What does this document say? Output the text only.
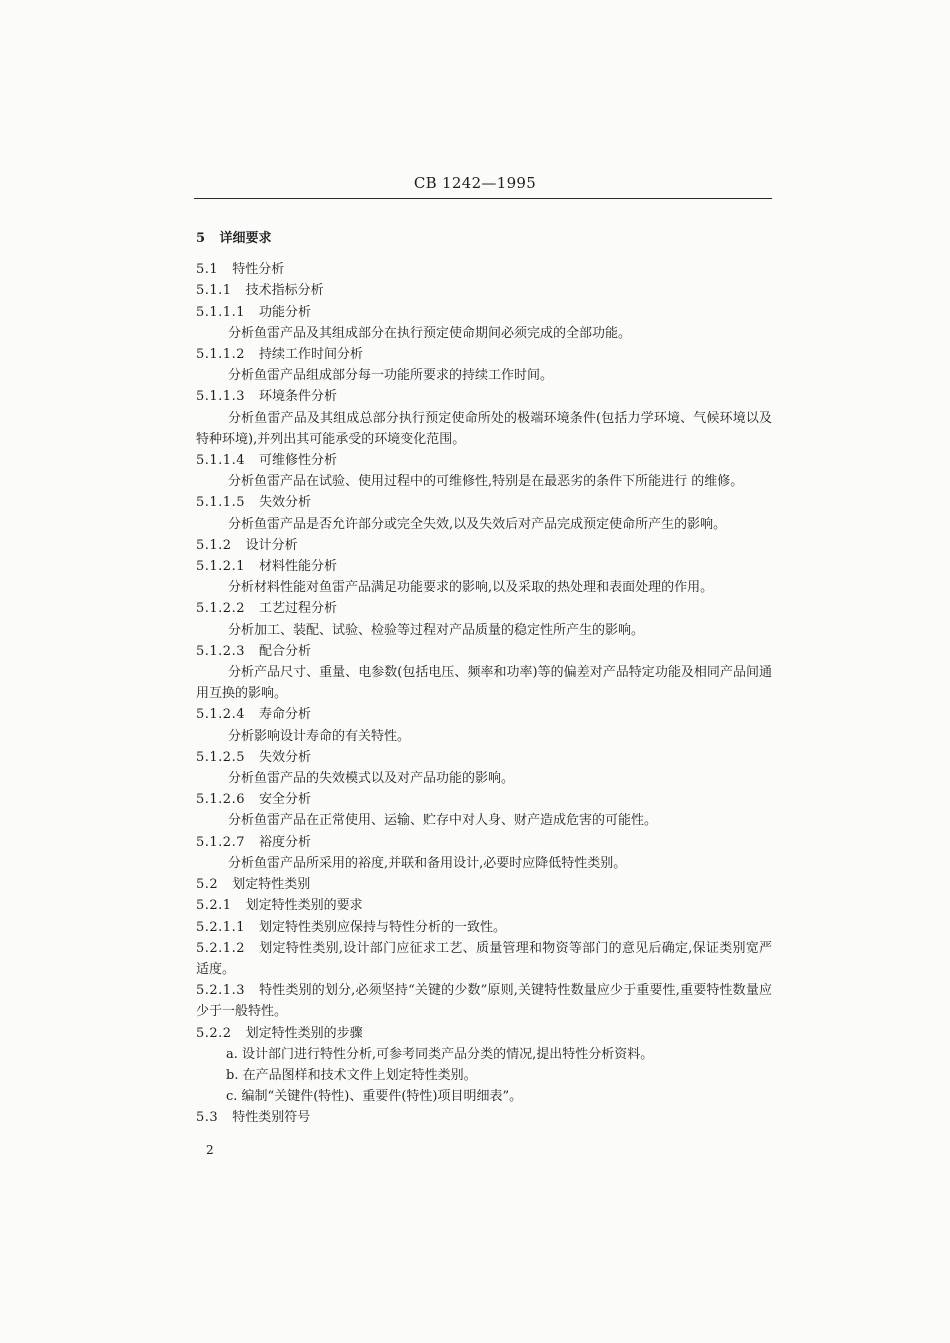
CB 1242—1995
5 详细要求
5.1 特性分析
5.1.1 技术指标分析
5.1.1.1 功能分析
分析鱼雷产品及其组成部分在执行预定使命期间必须完成的全部功能。
5.1.1.2 持续工作时间分析
分析鱼雷产品组成部分每一功能所要求的持续工作时间。
5.1.1.3 环境条件分析
分析鱼雷产品及其组成总部分执行预定使命所处的极端环境条件(包括力学环境、气候环境以及特种环境),并列出其可能承受的环境变化范围。
5.1.1.4 可维修性分析
分析鱼雷产品在试验、使用过程中的可维修性,特别是在最恶劣的条件下所能进行 的维修。
5.1.1.5 失效分析
分析鱼雷产品是否允许部分或完全失效,以及失效后对产品完成预定使命所产生的影响。
5.1.2 设计分析
5.1.2.1 材料性能分析
分析材料性能对鱼雷产品满足功能要求的影响,以及采取的热处理和表面处理的作用。
5.1.2.2 工艺过程分析
分析加工、装配、试验、检验等过程对产品质量的稳定性所产生的影响。
5.1.2.3 配合分析
分析产品尺寸、重量、电参数(包括电压、频率和功率)等的偏差对产品特定功能及相同产品间通用互换的影响。
5.1.2.4 寿命分析
分析影响设计寿命的有关特性。
5.1.2.5 失效分析
分析鱼雷产品的失效模式以及对产品功能的影响。
5.1.2.6 安全分析
分析鱼雷产品在正常使用、运输、贮存中对人身、财产造成危害的可能性。
5.1.2.7 裕度分析
分析鱼雷产品所采用的裕度,并联和备用设计,必要时应降低特性类别。
5.2 划定特性类别
5.2.1 划定特性类别的要求
5.2.1.1 划定特性类别应保持与特性分析的一致性。
5.2.1.2 划定特性类别,设计部门应征求工艺、质量管理和物资等部门的意见后确定,保证类别宽严适度。
5.2.1.3 特性类别的划分,必须坚持“关键的少数”原则,关键特性数量应少于重要性,重要特性数量应少于一般特性。
5.2.2 划定特性类别的步骤
a. 设计部门进行特性分析,可参考同类产品分类的情况,提出特性分析资料。
b. 在产品图样和技术文件上划定特性类别。
c. 编制“关键件(特性)、重要件(特性)项目明细表”。
5.3 特性类别符号
2
